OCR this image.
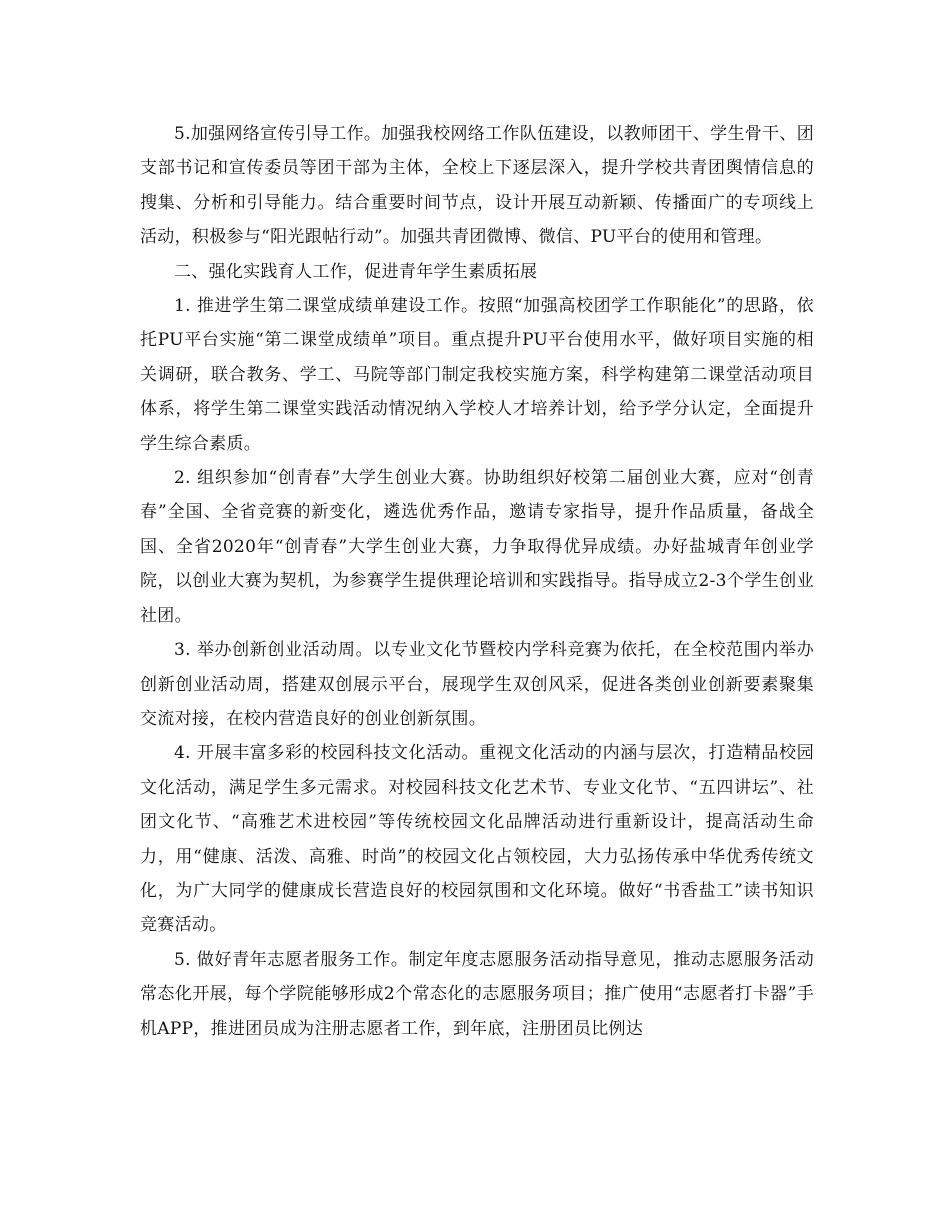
5.加强网络宣传引导工作。加强我校网络工作队伍建设，以教师团干、学生骨干、团支部书记和宣传委员等团干部为主体，全校上下逐层深入，提升学校共青团舆情信息的搜集、分析和引导能力。结合重要时间节点，设计开展互动新颖、传播面广的专项线上活动，积极参与“阳光跟帖行动”。加强共青团微博、微信、PU平台的使用和管理。

二、强化实践育人工作，促进青年学生素质拓展

1. 推进学生第二课堂成绩单建设工作。按照“加强高校团学工作职能化”的思路，依托PU平台实施“第二课堂成绩单”项目。重点提升PU平台使用水平，做好项目实施的相关调研，联合教务、学工、马院等部门制定我校实施方案，科学构建第二课堂活动项目体系，将学生第二课堂实践活动情况纳入学校人才培养计划，给予学分认定，全面提升学生综合素质。

2. 组织参加“创青春”大学生创业大赛。协助组织好校第二届创业大赛，应对“创青春”全国、全省竞赛的新变化，遴选优秀作品，邀请专家指导，提升作品质量，备战全国、全省2020年“创青春”大学生创业大赛，力争取得优异成绩。办好盐城青年创业学院，以创业大赛为契机，为参赛学生提供理论培训和实践指导。指导成立2-3个学生创业社团。

3. 举办创新创业活动周。以专业文化节暨校内学科竞赛为依托，在全校范围内举办创新创业活动周，搭建双创展示平台，展现学生双创风采，促进各类创业创新要素聚集交流对接，在校内营造良好的创业创新氛围。

4. 开展丰富多彩的校园科技文化活动。重视文化活动的内涵与层次，打造精品校园文化活动，满足学生多元需求。对校园科技文化艺术节、专业文化节、“五四讲坛”、社团文化节、“高雅艺术进校园”等传统校园文化品牌活动进行重新设计，提高活动生命力，用“健康、活泼、高雅、时尚”的校园文化占领校园，大力弘扬传承中华优秀传统文化，为广大同学的健康成长营造良好的校园氛围和文化环境。做好“书香盐工”读书知识竞赛活动。

5. 做好青年志愿者服务工作。制定年度志愿服务活动指导意见，推动志愿服务活动常态化开展，每个学院能够形成2个常态化的志愿服务项目；推广使用“志愿者打卡器”手机APP，推进团员成为注册志愿者工作，到年底，注册团员比例达
